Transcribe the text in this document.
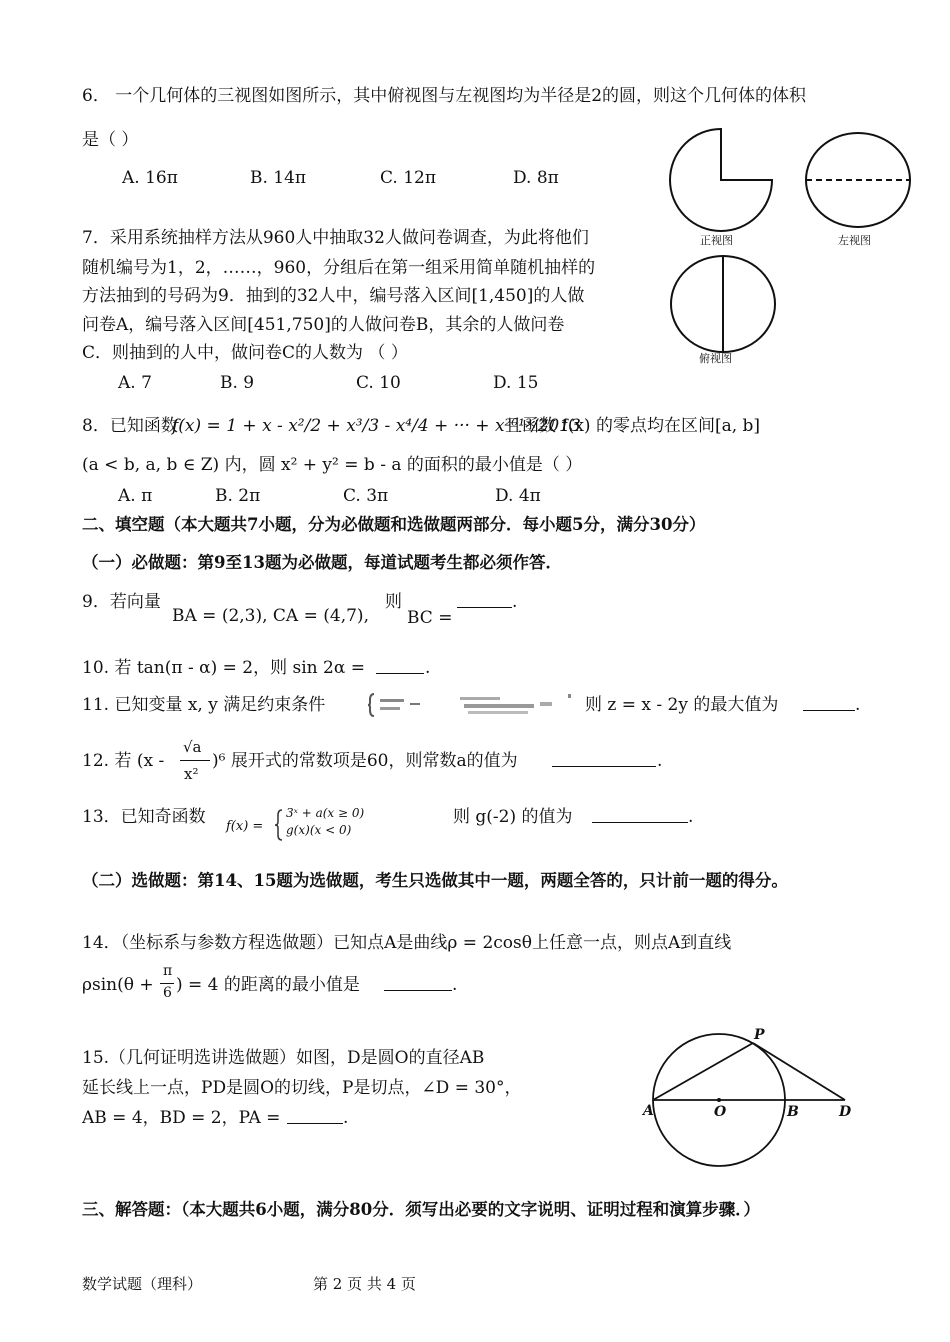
6． 一个几何体的三视图如图所示，其中俯视图与左视图均为半径是2的圆，则这个几何体的体积
是（ ）
A. 16π	B. 14π	C. 12π	D. 8π
正视图	左视图
俯视图
7．采用系统抽样方法从960人中抽取32人做问卷调查，为此将他们
随机编号为1，2，……，960，分组后在第一组采用简单随机抽样的
方法抽到的号码为9．抽到的32人中，编号落入区间[1,450]的人做
问卷A，编号落入区间[451,750]的人做问卷B，其余的人做问卷
C．则抽到的人中，做问卷C的人数为 （ ）
A. 7	B. 9	C. 10	D. 15
8．已知函数
f(x) = 1 + x - x²/2 + x³/3 - x⁴/4 + ··· + x²⁰¹³/2013
且函数 f(x) 的零点均在区间[a, b]
(a < b, a, b ∈ Z) 内，圆 x² + y² = b - a 的面积的最小值是（ ）
A. π	B. 2π	C. 3π	D. 4π
二、填空题（本大题共7小题，分为必做题和选做题两部分．每小题5分，满分30分）
（一）必做题：第9至13题为必做题，每道试题考生都必须作答．
9．若向量
BA = (2,3), CA = (4,7),
则
BC =
.
10. 若 tan(π - α) = 2，则 sin 2α =	.
11. 已知变量 x, y 满足约束条件	则 z = x - 2y 的最大值为	.
12. 若 (x -
√a
x²
)⁶ 展开式的常数项是60，则常数a的值为	.
13．已知奇函数 f(x) =
3ˣ + a(x ≥ 0)
g(x)(x < 0)
则 g(-2) 的值为	.
（二）选做题：第14、15题为选做题，考生只选做其中一题，两题全答的，只计前一题的得分。
14．（坐标系与参数方程选做题）已知点A是曲线ρ = 2cosθ上任意一点，则点A到直线
ρsin(θ +
π
6 ) = 4 的距离的最小值是	.
15.（几何证明选讲选做题）如图，D是圆O的直径AB
延长线上一点，PD是圆O的切线，P是切点，∠D = 30°，
AB = 4，BD = 2，PA =	.	A	O	B	D
P
三、解答题：（本大题共6小题，满分80分．须写出必要的文字说明、证明过程和演算步骤．）
数学试题（理科）	第 2 页 共 4 页
